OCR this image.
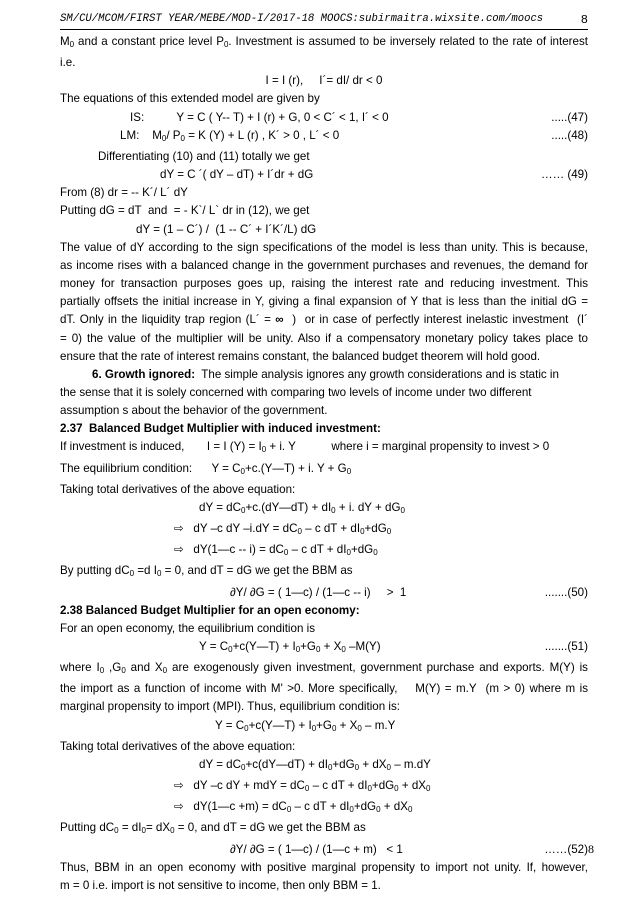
SM/CU/MCOM/FIRST YEAR/MEBE/MOD-I/2017-18 MOOCS:subirmaitra.wixsite.com/moocs	8
$M_0$ and a constant price level $P_0$. Investment is assumed to be inversely related to the rate of interest
i.e.
I = I (r),     I´= dI/ dr < 0
The equations of this extended model are given by
IS:          Y = C ( Y-- T) + I (r) + G, 0 < C´ < 1, I´ < 0	.....(47)
LM:    $M_0/$ $P_0 = K$ (Y) + L (r) , K´ > 0 , L´ < 0	.....(48)
Differentiating (10) and (11) totally we get
dY = C ´( dY – dT) + I´dr + dG	…… (49)
From (8) dr = -- K´/ L´ dY
Putting dG = dT  and  = - K`/ L` dr in (12), we get
dY = (1 – C´) /  (1 -- C´ + I´K´/L) dG
The value of dY according to the sign specifications of the model is less than unity. This is because,
as income rises with a balanced change in the government purchases and revenues, the demand for
money for transaction purposes goes up, raising the interest rate and reducing investment. This
partially offsets the initial increase in Y, giving a final expansion of Y that is less than the initial dG =
dT. Only in the liquidity trap region (L´ = ∞  )  or in case of perfectly interest inelastic investment  (I´
= 0) the value of the multiplier will be unity. Also if a compensatory monetary policy takes place to
ensure that the rate of interest remains constant, the balanced budget theorem will hold good.
6. Growth ignored:  The simple analysis ignores any growth considerations and is static in
the sense that it is solely concerned with comparing two levels of income under two different
assumption s about the behavior of the government.
2.37  Balanced Budget Multiplier with induced investment:
If investment is induced,       I = I $(Y) = I_0 + i$. Y           where i = marginal propensity to invest > 0
The equilibrium condition:      $Y = C_0+c.(Y—T) + i$. $Y + G_0$
Taking total derivatives of the above equation:
dY = $dC_0+c.(dY—dT) + dI_0 + i$. dY + $dG_0$
⇨   dY –c dY $-i.dY = dC_0 - c$ dT + $dI_0+dG_0$
⇨   dY(1—c -- $i) = dC_0 - c$ dT + $dI_0+dG_0$
By putting $dC_0 =d$ $I_0 = 0$, and dT = dG we get the BBM as
∂Y/ ∂G = ( 1—c) / (1—c -- i)     >  1	.......(50)
2.38 Balanced Budget Multiplier for an open economy:
For an open economy, the equilibrium condition is
$Y = C_0+c(Y—T) + I_0+G_0 + X_0$ –M(Y)	.......(51)
where $I_0$ $,G_0$ and $X_0$ are exogenously given investment, government purchase and exports. M(Y) is
the import as a function of income with M' >0. More specifically,    M(Y) = m.Y  (m > 0) where m is
marginal propensity to import (MPI). Thus, equilibrium condition is:
$Y = C_0+c(Y—T) + I_0+G_0 + X_0 - m.Y$
Taking total derivatives of the above equation:
dY = $dC_0+c(dY—dT) + dI_0+dG_0 + dX_0 - m.dY$
⇨   dY –c dY + mdY = $dC_0$ – c dT + $dI_0+dG_0 + dX_0$
⇨   dY(1—c $+m) = dC_0 - c$ dT + $dI_0+dG_0 + dX_0$
Putting $dC_0 = dI_0= dX_0 = 0$, and dT = dG we get the BBM as
∂Y/ ∂G = ( 1—c) / (1—c + m)   < 1	……(52)
Thus, BBM in an open economy with positive marginal propensity to import not unity. If, however,
m = 0 i.e. import is not sensitive to income, then only BBM = 1.
8
